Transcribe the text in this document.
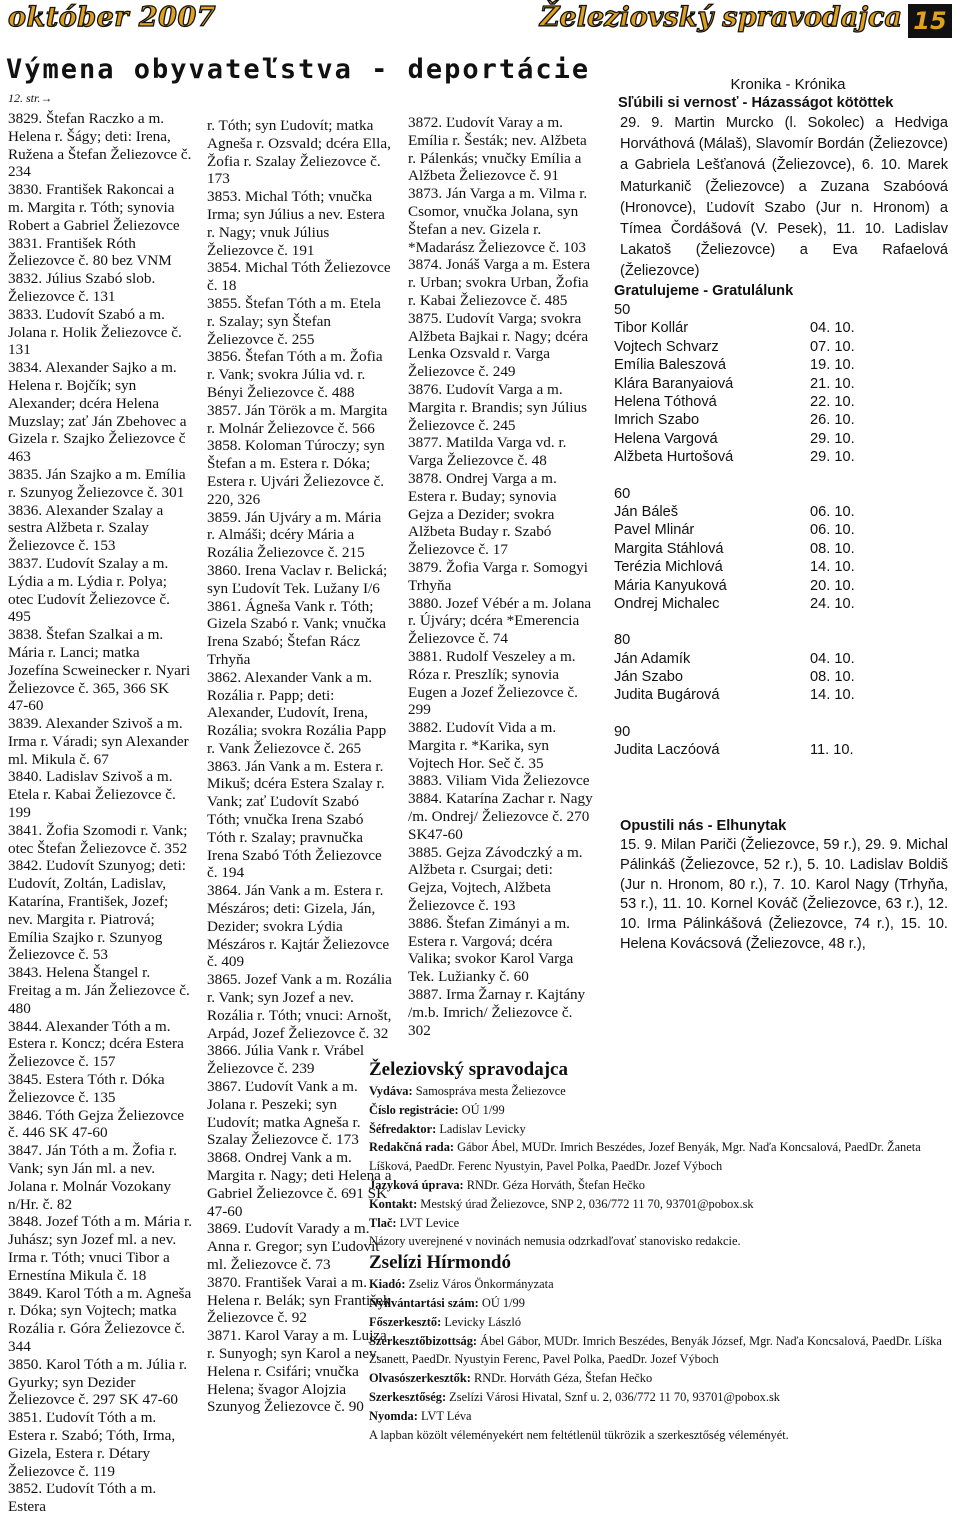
október 2007	Železiovský spravodajca 15
Výmena obyvateľstva - deportácie
12. str.→
3829. Štefan Raczko a m. Helena r. Šágy; deti: Irena, Ružena a Štefan Želiezovce č. 234
3830. František Rakoncai a m. Margita r. Tóth; synovia Robert a Gabriel Želiezovce
3831. František Róth Želiezovce č. 80 bez VNM
3832. Július Szabó slob. Želiezovce č. 131
3833. Ľudovít Szabó a m. Jolana r. Holik Želiezovce č. 131
3834. Alexander Sajko a m. Helena r. Bojčík; syn Alexander; dcéra Helena Muzslay; zať Ján Zbehovec a Gizela r. Szajko Želiezovce č 463
3835. Ján Szajko a m. Emília r. Szunyog Želiezovce č. 301
3836. Alexander Szalay a sestra Alžbeta r. Szalay Želiezovce č. 153
3837. Ľudovít Szalay a m. Lýdia a m. Lýdia r. Polya; otec Ľudovít Želiezovce č. 495
3838. Štefan Szalkai a m. Mária r. Lanci; matka Jozefína Scweinecker r. Nyari Želiezovce č. 365, 366 SK 47-60
3839. Alexander Szivoš a m. Irma r. Váradi; syn Alexander ml. Mikula č. 67
3840. Ladislav Szivoš a m. Etela r. Kabai Želiezovce č. 199
3841. Žofia Szomodi r. Vank; otec Štefan Želiezovce č. 352
3842. Ľudovít Szunyog; deti: Ľudovít, Zoltán, Ladislav, Katarína, František, Jozef; nev. Margita r. Piatrová; Emília Szajko r. Szunyog Želiezovce č. 53
3843. Helena Štangel r. Freitag a m. Ján Želiezovce č. 480
3844. Alexander Tóth a m. Estera r. Koncz; dcéra Estera Želiezovce č. 157
3845. Estera Tóth r. Dóka Želiezovce č. 135
3846. Tóth Gejza Želiezovce č. 446 SK 47-60
3847. Ján Tóth a m. Žofia r. Vank; syn Ján ml. a nev. Jolana r. Molnár Vozokany n/Hr. č. 82
3848. Jozef Tóth a m. Mária r. Juhász; syn Jozef ml. a nev. Irma r. Tóth; vnuci Tibor a Ernestína Mikula č. 18
3849. Karol Tóth a m. Agneša r. Dóka; syn Vojtech; matka Rozália r. Góra Želiezovce č. 344
3850. Karol Tóth a m. Júlia r. Gyurky; syn Dezider Želiezovce č. 297 SK 47-60
3851. Ľudovít Tóth a m. Estera r. Szabó; Tóth, Irma, Gizela, Estera r. Détary Želiezovce č. 119
3852. Ľudovít Tóth a m. Estera
r. Tóth; syn Ľudovít; matka Agneša r. Ozsvald; dcéra Ella, Žofia r. Szalay Želiezovce č. 173
3853. Michal Tóth; vnučka Irma; syn Július a nev. Estera r. Nagy; vnuk Július Želiezovce č. 191
3854. Michal Tóth Želiezovce č. 18
3855. Štefan Tóth a m. Etela r. Szalay; syn Štefan Želiezovce č. 255
3856. Štefan Tóth a m. Žofia r. Vank; svokra Júlia vd. r. Bényi Želiezovce č. 488
3857. Ján Török a m. Margita r. Molnár Želiezovce č. 566
3858. Koloman Túroczy; syn Štefan a m. Estera r. Dóka; Estera r. Ujvári Želiezovce č. 220, 326
3859. Ján Ujváry a m. Mária r. Almáši; dcéry Mária a Rozália Želiezovce č. 215
3860. Irena Vaclav r. Belická; syn Ľudovít Tek. Lužany I/6
3861. Ágneša Vank r. Tóth; Gizela Szabó r. Vank; vnučka Irena Szabó; Štefan Rácz Trhyňa
3862. Alexander Vank a m. Rozália r. Papp; deti: Alexander, Ľudovít, Irena, Rozália; svokra Rozália Papp r. Vank Želiezovce č. 265
3863. Ján Vank a m. Estera r. Mikuš; dcéra Estera Szalay r. Vank; zať Ľudovít Szabó Tóth; vnučka Irena Szabó Tóth r. Szalay; pravnučka Irena Szabó Tóth Želiezovce č. 194
3864. Ján Vank a m. Estera r. Mészáros; deti: Gizela, Ján, Dezider; svokra Lýdia Mészáros r. Kajtár Želiezovce č. 409
3865. Jozef Vank a m. Rozália r. Vank; syn Jozef a nev. Rozália r. Tóth; vnuci: Arnošt, Arpád, Jozef Želiezovce č. 32
3866. Júlia Vank r. Vrábel Želiezovce č. 239
3867. Ľudovít Vank a m. Jolana r. Peszeki; syn Ľudovít; matka Agneša r. Szalay Želiezovce č. 173
3868. Ondrej Vank a m. Margita r. Nagy; deti Helena a Gabriel Želiezovce č. 691 SK 47-60
3869. Ľudovít Varady a m. Anna r. Gregor; syn Ľudovít ml. Želiezovce č. 73
3870. František Varai a m. Helena r. Belák; syn František Želiezovce č. 92
3871. Karol Varay a m. Lujza r. Sunyogh; syn Karol a nev. Helena r. Csifári; vnučka Helena; švagor Alojzia Szunyog Želiezovce č. 90
3872. Ľudovít Varay a m. Emília r. Šesták; nev. Alžbeta r. Pálenkás; vnučky Emília a Alžbeta Želiezovce č. 91
3873. Ján Varga a m. Vilma r. Csomor, vnučka Jolana, syn Štefan a nev. Gizela r. *Madarász Želiezovce č. 103
3874. Jonáš Varga a m. Estera r. Urban; svokra Urban, Žofia r. Kabai Želiezovce č. 485
3875. Ľudovít Varga; svokra Alžbeta Bajkai r. Nagy; dcéra Lenka Ozsvald r. Varga Želiezovce č. 249
3876. Ľudovít Varga a m. Margita r. Brandis; syn Július Želiezovce č. 245
3877. Matilda Varga vd. r. Varga Želiezovce č. 48
3878. Ondrej Varga a m. Estera r. Buday; synovia Gejza a Dezider; svokra Alžbeta Buday r. Szabó Želiezovce č. 17
3879. Žofia Varga r. Somogyi Trhyňa
3880. Jozef Vébér a m. Jolana r. Újváry; dcéra *Emerencia Želiezovce č. 74
3881. Rudolf Veszeley a m. Róza r. Preszlík; synovia Eugen a Jozef Želiezovce č. 299
3882. Ľudovít Vida a m. Margita r. *Karika, syn Vojtech Hor. Seč č. 35
3883. Viliam Vida Želiezovce
3884. Katarína Zachar r. Nagy /m. Ondrej/ Želiezovce č. 270 SK47-60
3885. Gejza Závodczký a m. Alžbeta r. Csurgai; deti: Gejza, Vojtech, Alžbeta Želiezovce č. 193
3886. Štefan Zimányi a m. Estera r. Vargová; dcéra Valika; svokor Karol Varga Tek. Lužianky č. 60
3887. Irma Žarnay r. Kajtány /m.b. Imrich/ Želiezovce č. 302
Kronika - Krónika
Sľúbili si vernosť - Házasságot kötöttek
29. 9. Martin Murcko (l. Sokolec) a Hedviga Horváthová (Málaš), Slavomír Bordán (Želiezovce) a Gabriela Lešťanová (Želiezovce), 6. 10. Marek Maturkanič (Želiezovce) a Zuzana Szabóová (Hronovce), Ľudovít Szabo (Jur n. Hronom) a Tímea Čordášová (V. Pesek), 11. 10. Ladislav Lakatoš (Želiezovce) a Eva Rafaelová (Želiezovce)
Gratulujeme - Gratulálunk
50
Tibor Kollár	04. 10.
Vojtech Schvarz	07. 10.
Emília Baleszová	19. 10.
Klára Baranyaiová	21. 10.
Helena Tóthová	22. 10.
Imrich Szabo	26. 10.
Helena Vargová	29. 10.
Alžbeta Hurtošová	29. 10.
60
Ján Báleš	06. 10.
Pavel Mlinár	06. 10.
Margita Stáhlová	08. 10.
Terézia Michlová	14. 10.
Mária Kanyuková	20. 10.
Ondrej Michalec	24. 10.
80
Ján Adamík	04. 10.
Ján Szabo	08. 10.
Judita Bugárová	14. 10.
90
Judita Laczóová	11. 10.
Opustili nás - Elhunytak
15. 9. Milan Pariči (Želiezovce, 59 r.), 29. 9. Michal Pálinkáš (Želiezovce, 52 r.), 5. 10. Ladislav Boldiš (Jur n. Hronom, 80 r.), 7. 10. Karol Nagy (Trhyňa, 53 r.), 11. 10. Kornel Kováč (Želiezovce, 63 r.), 12. 10. Irma Pálinkášová (Želiezovce, 74 r.), 15. 10. Helena Kovácsová (Želiezovce, 48 r.),
Železiovský spravodajca
Vydáva: Samospráva mesta Želiezovce
Číslo registrácie: OÚ 1/99
Šéfredaktor: Ladislav Levicky
Redakčná rada: Gábor Ábel, MUDr. Imrich Beszédes, Jozef Benyák, Mgr. Naďa Koncsalová, PaedDr. Žaneta Líšková, PaedDr. Ferenc Nyustyin, Pavel Polka, PaedDr. Jozef Výboch
Jazyková úprava: RNDr. Géza Horváth, Štefan Hečko
Kontakt: Mestský úrad Želiezovce, SNP 2, 036/772 11 70, 93701@pobox.sk
Tlač: LVT Levice
Názory uverejnené v novinách nemusia odzrkadľovať stanovisko redakcie.
Zselízi Hírmondó
Kiadó: Zseliz Város Önkormányzata
Nyilvántartási szám: OÚ 1/99
Főszerkesztő: Levicky László
Szerkesztőbizottság: Ábel Gábor, MUDr. Imrich Beszédes, Benyák József, Mgr. Naďa Koncsalová, PaedDr. Líška Zsanett, PaedDr. Nyustyin Ferenc, Pavel Polka, PaedDr. Jozef Výboch
Olvasószerkesztők: RNDr. Horváth Géza, Štefan Hečko
Szerkesztőség: Zselízi Városi Hivatal, Sznf u. 2, 036/772 11 70, 93701@pobox.sk
Nyomda: LVT Léva
A lapban közölt véleményekért nem feltétlenül tükrözik a szerkesztőség véleményét.
